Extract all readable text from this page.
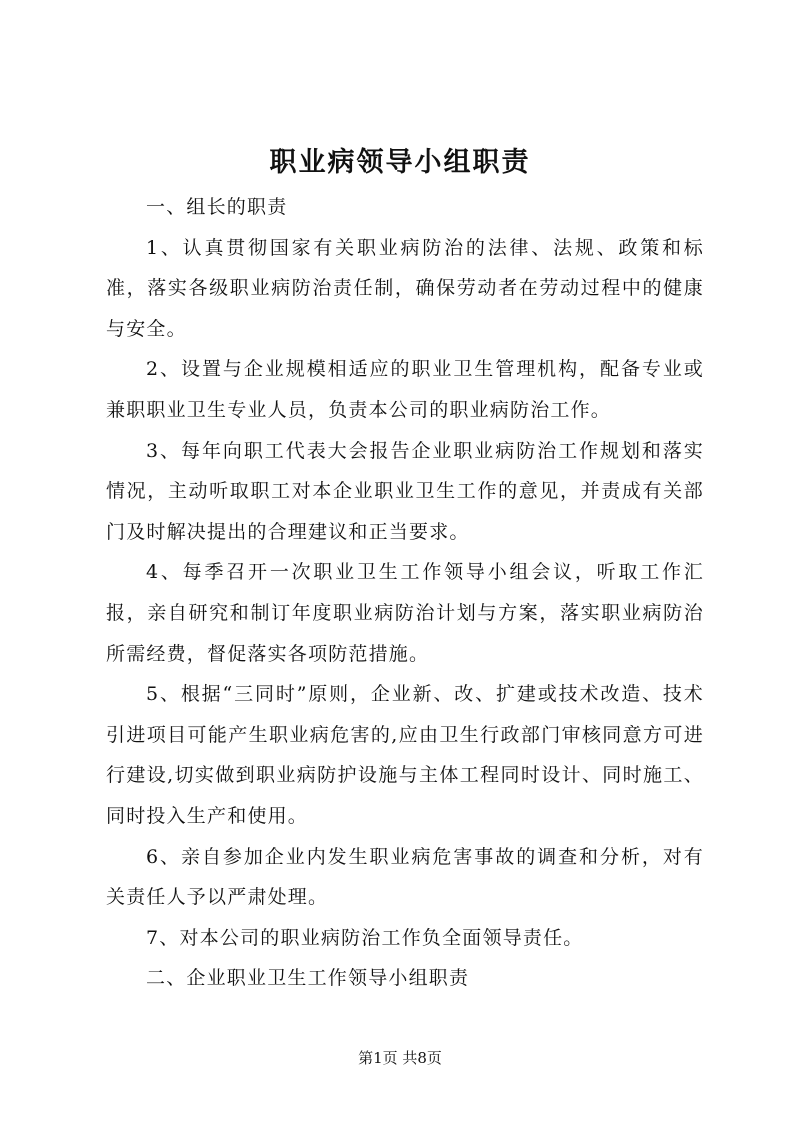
职业病领导小组职责

一、组长的职责

1、认真贯彻国家有关职业病防治的法律、法规、政策和标准，落实各级职业病防治责任制，确保劳动者在劳动过程中的健康与安全。

2、设置与企业规模相适应的职业卫生管理机构，配备专业或兼职职业卫生专业人员，负责本公司的职业病防治工作。

3、每年向职工代表大会报告企业职业病防治工作规划和落实情况，主动听取职工对本企业职业卫生工作的意见，并责成有关部门及时解决提出的合理建议和正当要求。

4、每季召开一次职业卫生工作领导小组会议，听取工作汇报，亲自研究和制订年度职业病防治计划与方案，落实职业病防治所需经费，督促落实各项防范措施。

5、根据“三同时”原则，企业新、改、扩建或技术改造、技术引进项目可能产生职业病危害的,应由卫生行政部门审核同意方可进行建设,切实做到职业病防护设施与主体工程同时设计、同时施工、同时投入生产和使用。

6、亲自参加企业内发生职业病危害事故的调查和分析，对有关责任人予以严肃处理。

7、对本公司的职业病防治工作负全面领导责任。

二、企业职业卫生工作领导小组职责

第1页 共8页
